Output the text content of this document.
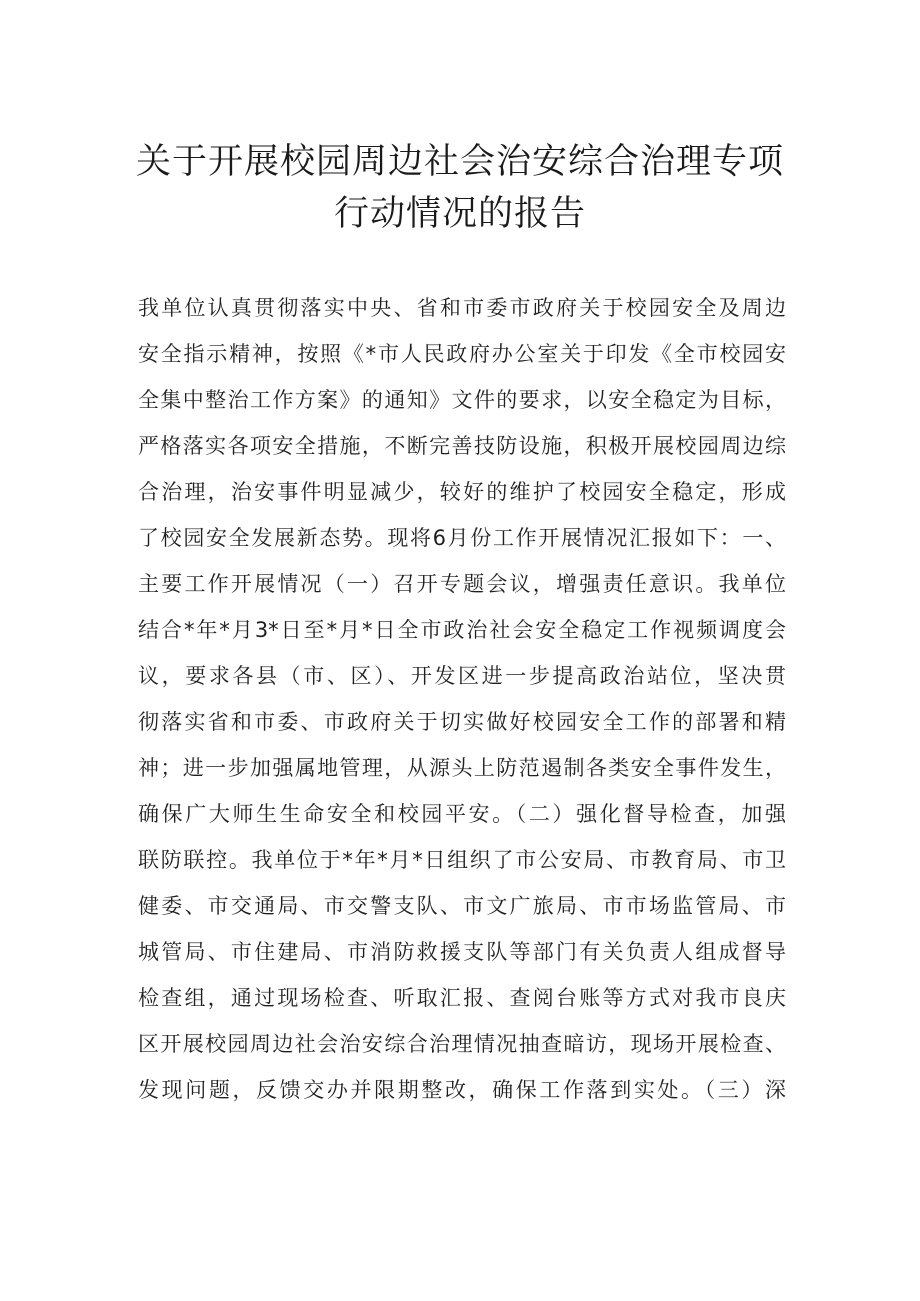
关于开展校园周边社会治安综合治理专项
行动情况的报告
我单位认真贯彻落实中央、省和市委市政府关于校园安全及周边
安全指示精神，按照《*市人民政府办公室关于印发《全市校园安
全集中整治工作方案》的通知》文件的要求，以安全稳定为目标，
严格落实各项安全措施，不断完善技防设施，积极开展校园周边综
合治理，治安事件明显减少，较好的维护了校园安全稳定，形成
了校园安全发展新态势。现将6月份工作开展情况汇报如下：一、
主要工作开展情况（一）召开专题会议，增强责任意识。我单位
结合*年*月3*日至*月*日全市政治社会安全稳定工作视频调度会
议，要求各县（市、区）、开发区进一步提高政治站位，坚决贯
彻落实省和市委、市政府关于切实做好校园安全工作的部署和精
神；进一步加强属地管理，从源头上防范遏制各类安全事件发生，
确保广大师生生命安全和校园平安。（二）强化督导检查，加强
联防联控。我单位于*年*月*日组织了市公安局、市教育局、市卫
健委、市交通局、市交警支队、市文广旅局、市市场监管局、市
城管局、市住建局、市消防救援支队等部门有关负责人组成督导
检查组，通过现场检查、听取汇报、查阅台账等方式对我市良庆
区开展校园周边社会治安综合治理情况抽查暗访，现场开展检查、
发现问题，反馈交办并限期整改，确保工作落到实处。（三）深
